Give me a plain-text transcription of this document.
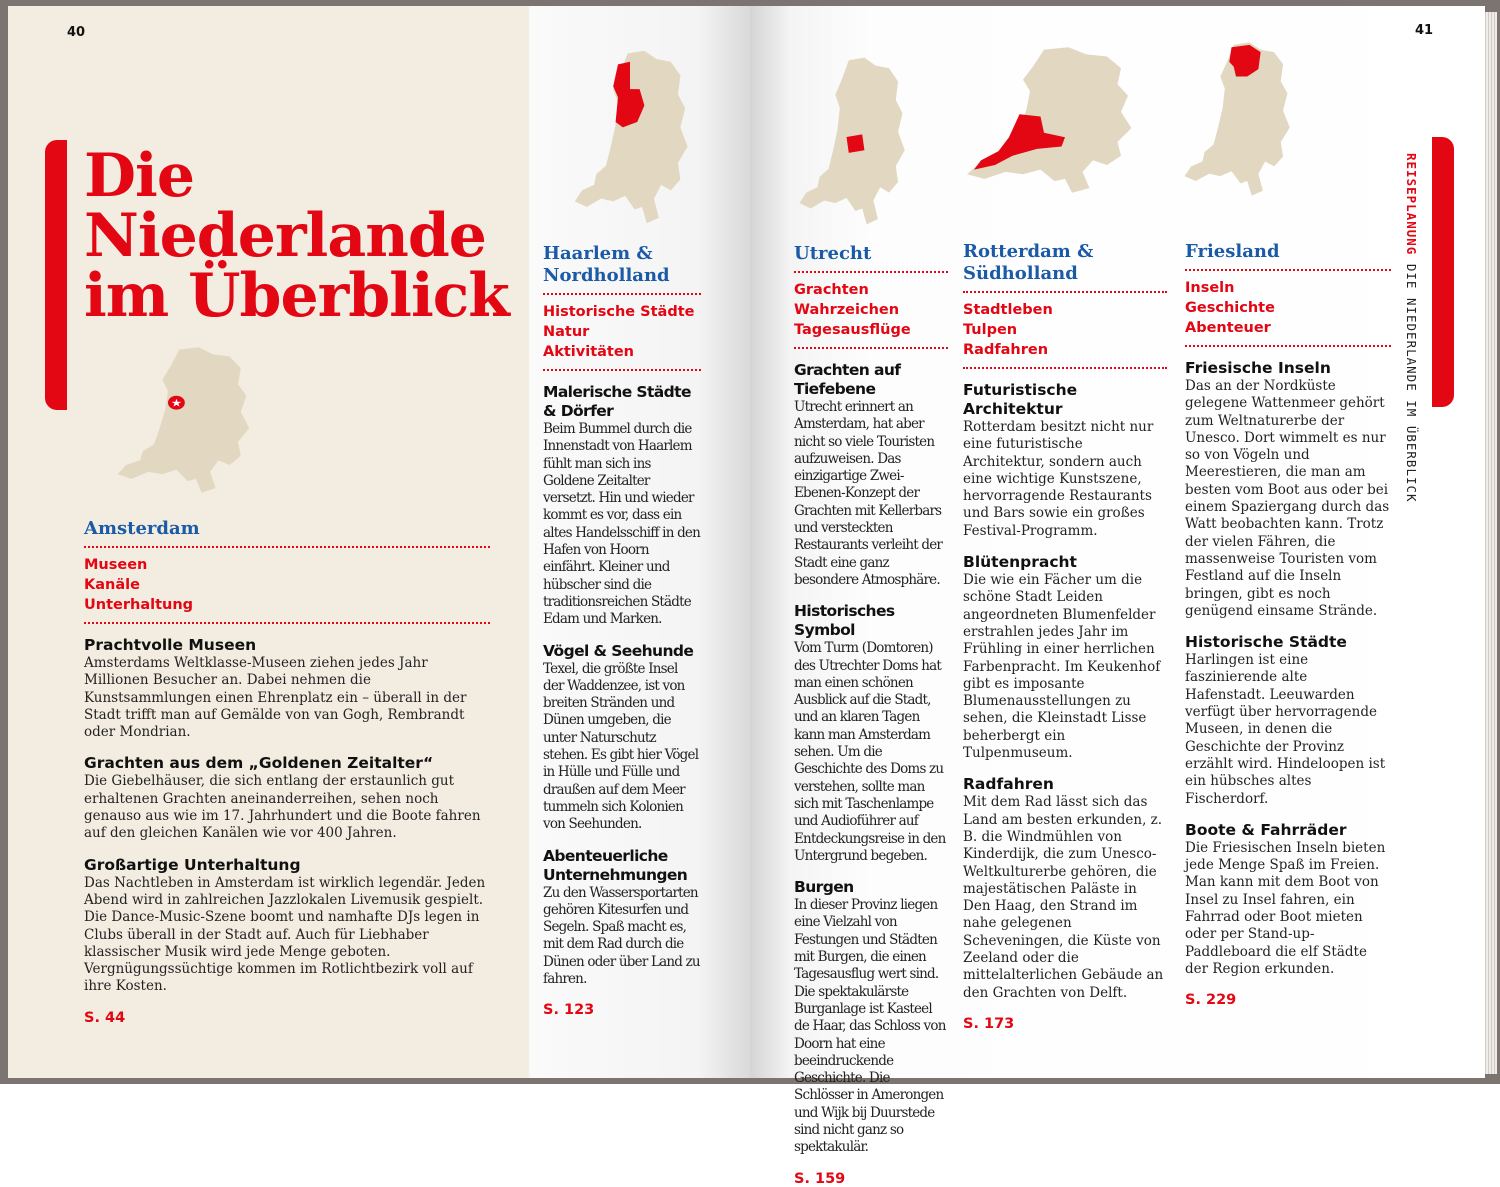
40	41
Die
Niederlande
im Überblick
REISEPLANUNG DIE NIEDERLANDE IM ÜBERBLICK
★
Amsterdam
Museen
Kanäle
Unterhaltung
Prachtvolle Museen

Amsterdams Weltklasse-Museen ziehen jedes Jahr Millionen Besucher an. Dabei nehmen die Kunstsammlungen einen Ehrenplatz ein – überall in der Stadt trifft man auf Gemälde von van Gogh, Rembrandt oder Mondrian.

Grachten aus dem „Goldenen Zeitalter“

Die Giebelhäuser, die sich entlang der erstaunlich gut erhaltenen Grachten aneinanderreihen, sehen noch genauso aus wie im 17. Jahrhundert und die Boote fahren auf den gleichen Kanälen wie vor 400 Jahren.

Großartige Unterhaltung

Das Nachtleben in Amsterdam ist wirklich legendär. Jeden Abend wird in zahlreichen Jazzlokalen Livemusik gespielt. Die Dance-Music-Szene boomt und namhafte DJs legen in Clubs überall in der Stadt auf. Auch für Liebhaber klassischer Musik wird jede Menge geboten. Vergnügungssüchtige kommen im Rotlichtbezirk voll auf ihre Kosten.

S. 44
Haarlem & Nordholland
Historische Städte
Natur
Aktivitäten
Malerische Städte & Dörfer

Beim Bummel durch die Innenstadt von Haarlem fühlt man sich ins Goldene Zeitalter versetzt. Hin und wieder kommt es vor, dass ein altes Handelsschiff in den Hafen von Hoorn einfährt. Kleiner und hübscher sind die traditionsreichen Städte Edam und Marken.

Vögel & Seehunde

Texel, die größte Insel der Waddenzee, ist von breiten Stränden und Dünen umgeben, die unter Naturschutz stehen. Es gibt hier Vögel in Hülle und Fülle und draußen auf dem Meer tummeln sich Kolonien von Seehunden.

Abenteuerliche Unternehmungen

Zu den Wassersportarten gehören Kitesurfen und Segeln. Spaß macht es, mit dem Rad durch die Dünen oder über Land zu fahren.

S. 123
Utrecht
Grachten
Wahrzeichen
Tagesausflüge
Grachten auf Tiefebene

Utrecht erinnert an Amsterdam, hat aber nicht so viele Touristen aufzuweisen. Das einzigartige Zwei-Ebenen-Konzept der Grachten mit Kellerbars und versteckten Restaurants verleiht der Stadt eine ganz besondere Atmosphäre.

Historisches Symbol

Vom Turm (Domtoren) des Utrechter Doms hat man einen schönen Ausblick auf die Stadt, und an klaren Tagen kann man Amsterdam sehen. Um die Geschichte des Doms zu verstehen, sollte man sich mit Taschenlampe und Audioführer auf Entdeckungsreise in den Untergrund begeben.

Burgen

In dieser Provinz liegen eine Vielzahl von Festungen und Städten mit Burgen, die einen Tagesausflug wert sind. Die spektakulärste Burganlage ist Kasteel de Haar, das Schloss von Doorn hat eine beeindruckende Geschichte. Die Schlösser in Amerongen und Wijk bij Duurstede sind nicht ganz so spektakulär.

S. 159
Rotterdam & Südholland
Stadtleben
Tulpen
Radfahren
Futuristische Architektur

Rotterdam besitzt nicht nur eine futuristische Architektur, sondern auch eine wichtige Kunstszene, hervorragende Restaurants und Bars sowie ein großes Festival-Programm.

Blütenpracht

Die wie ein Fächer um die schöne Stadt Leiden angeordneten Blumenfelder erstrahlen jedes Jahr im Frühling in einer herrlichen Farbenpracht. Im Keukenhof gibt es imposante Blumenausstellungen zu sehen, die Kleinstadt Lisse beherbergt ein Tulpenmuseum.

Radfahren

Mit dem Rad lässt sich das Land am besten erkunden, z. B. die Windmühlen von Kinderdijk, die zum Unesco-Weltkulturerbe gehören, die majestätischen Paläste in Den Haag, den Strand im nahe gelegenen Scheveningen, die Küste von Zeeland oder die mittelalterlichen Gebäude an den Grachten von Delft.

S. 173
Friesland
Inseln
Geschichte
Abenteuer
Friesische Inseln

Das an der Nordküste gelegene Wattenmeer gehört zum Weltnaturerbe der Unesco. Dort wimmelt es nur so von Vögeln und Meerestieren, die man am besten vom Boot aus oder bei einem Spaziergang durch das Watt beobachten kann. Trotz der vielen Fähren, die massenweise Touristen vom Festland auf die Inseln bringen, gibt es noch genügend einsame Strände.

Historische Städte

Harlingen ist eine faszinierende alte Hafenstadt. Leeuwarden verfügt über hervorragende Museen, in denen die Geschichte der Provinz erzählt wird. Hindeloopen ist ein hübsches altes Fischerdorf.

Boote & Fahrräder

Die Friesischen Inseln bieten jede Menge Spaß im Freien. Man kann mit dem Boot von Insel zu Insel fahren, ein Fahrrad oder Boot mieten oder per Stand-up-Paddleboard die elf Städte der Region erkunden.

S. 229
